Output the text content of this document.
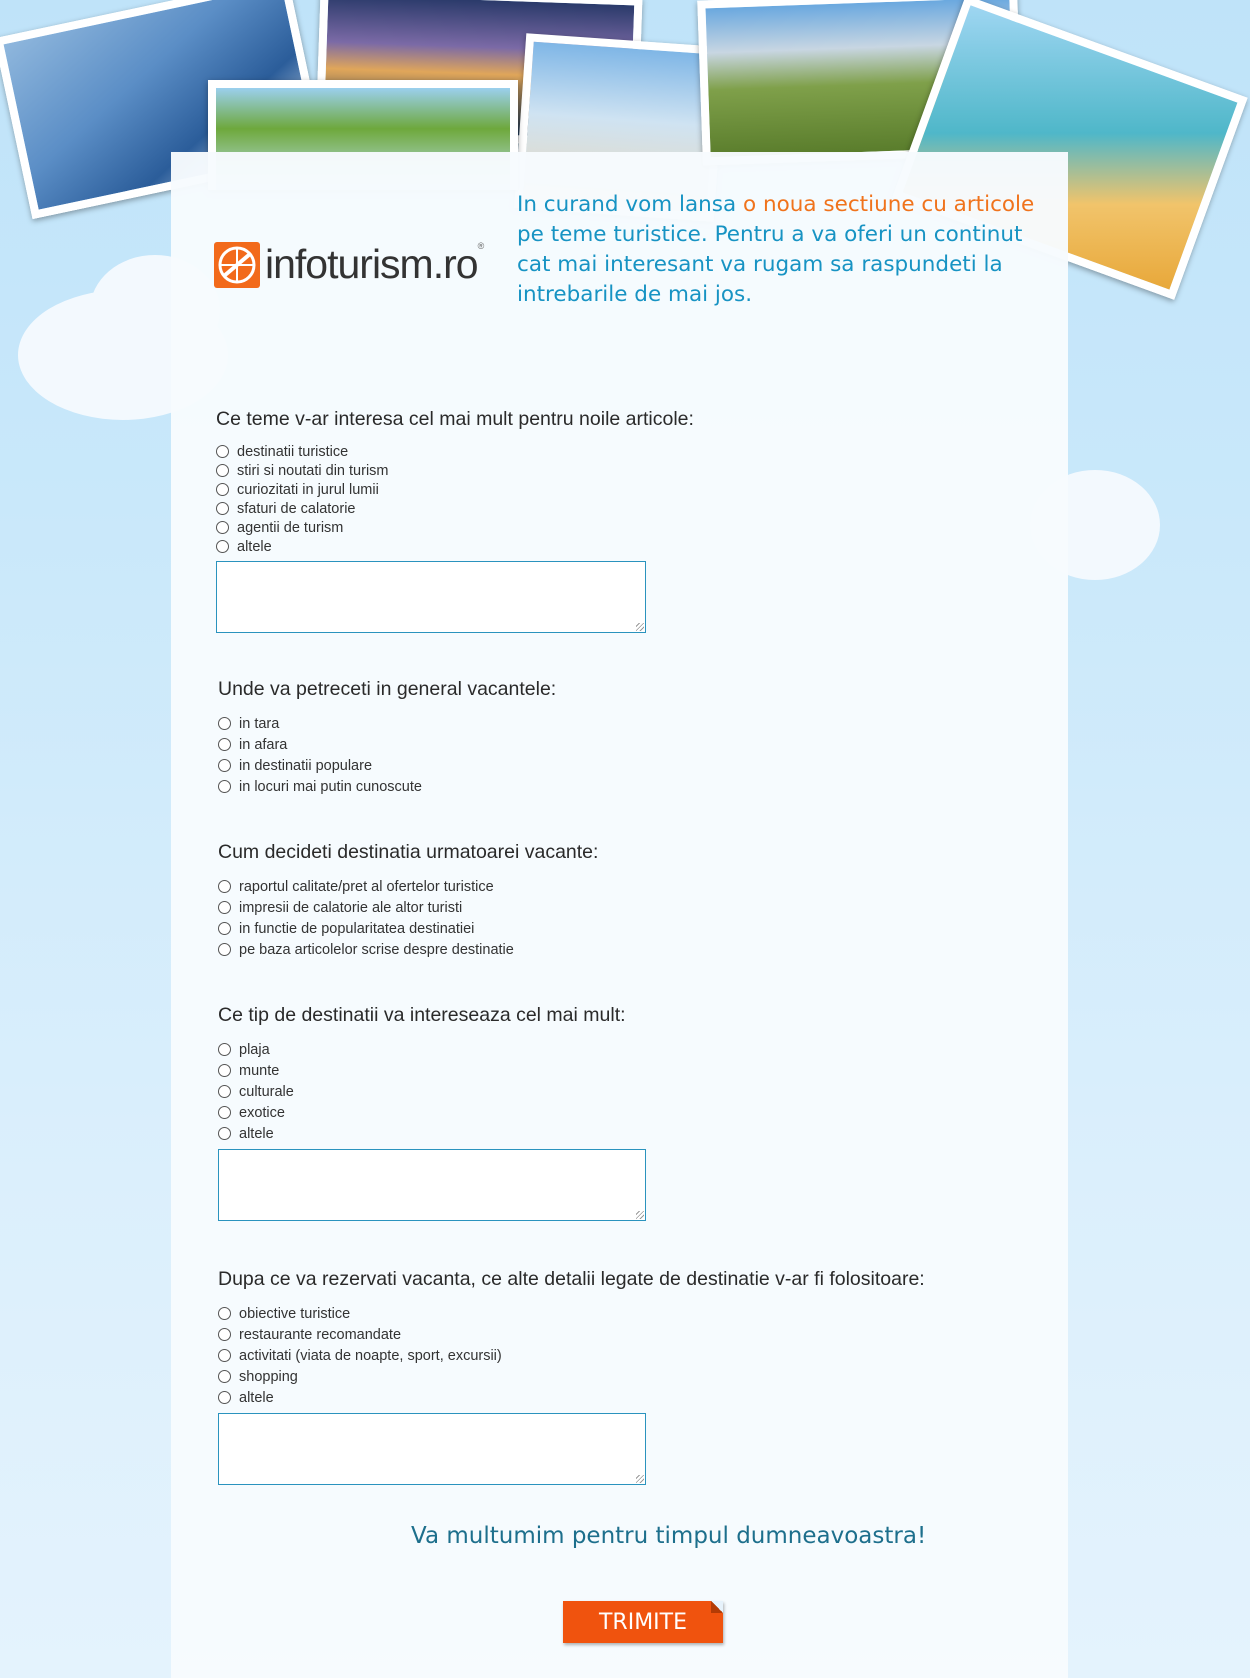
infoturism.ro®
In curand vom lansa o noua sectiune cu articole pe teme turistice. Pentru a va oferi un continut cat mai interesant va rugam sa raspundeti la intrebarile de mai jos.
Ce teme v-ar interesa cel mai mult pentru noile articole:
destinatii turistice
stiri si noutati din turism
curiozitati in jurul lumii
sfaturi de calatorie
agentii de turism
altele
Unde va petreceti in general vacantele:
in tara
in afara
in destinatii populare
in locuri mai putin cunoscute
Cum decideti destinatia urmatoarei vacante:
raportul calitate/pret al ofertelor turistice
impresii de calatorie ale altor turisti
in functie de popularitatea destinatiei
pe baza articolelor scrise despre destinatie
Ce tip de destinatii va intereseaza cel mai mult:
plaja
munte
culturale
exotice
altele
Dupa ce va rezervati vacanta, ce alte detalii legate de destinatie v-ar fi folositoare:
obiective turistice
restaurante recomandate
activitati (viata de noapte, sport, excursii)
shopping
altele
Va multumim pentru timpul dumneavoastra!
TRIMITE
